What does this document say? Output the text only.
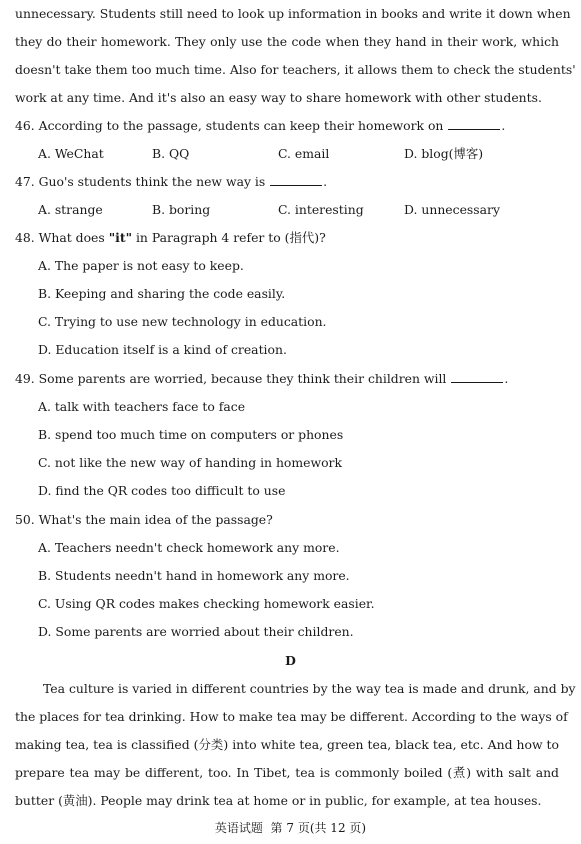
unnecessary. Students still need to look up information in books and write it down when
they do their homework. They only use the code when they hand in their work, which
doesn't take them too much time. Also for teachers, it allows them to check the students'
work at any time. And it's also an easy way to share homework with other students.
46. According to the passage, students can keep their homework on	.
A. WeChat	B. QQ	C. email	D. blog(博客)
47. Guo's students think the new way is	.
A. strange	B. boring	C. interesting	D. unnecessary
48. What does "it" in Paragraph 4 refer to (指代)?
A. The paper is not easy to keep.
B. Keeping and sharing the code easily.
C. Trying to use new technology in education.
D. Education itself is a kind of creation.
49. Some parents are worried, because they think their children will	.
A. talk with teachers face to face
B. spend too much time on computers or phones
C. not like the new way of handing in homework
D. find the QR codes too difficult to use
50. What's the main idea of the passage?
A. Teachers needn't check homework any more.
B. Students needn't hand in homework any more.
C. Using QR codes makes checking homework easier.
D. Some parents are worried about their children.
D
Tea culture is varied in different countries by the way tea is made and drunk, and by
the places for tea drinking. How to make tea may be different. According to the ways of
making tea, tea is classified (分类) into white tea, green tea, black tea, etc. And how to
prepare tea may be different, too. In Tibet, tea is commonly boiled (煮) with salt and
butter (黄油). People may drink tea at home or in public, for example, at tea houses.
英语试题  第 7 页(共 12 页)
